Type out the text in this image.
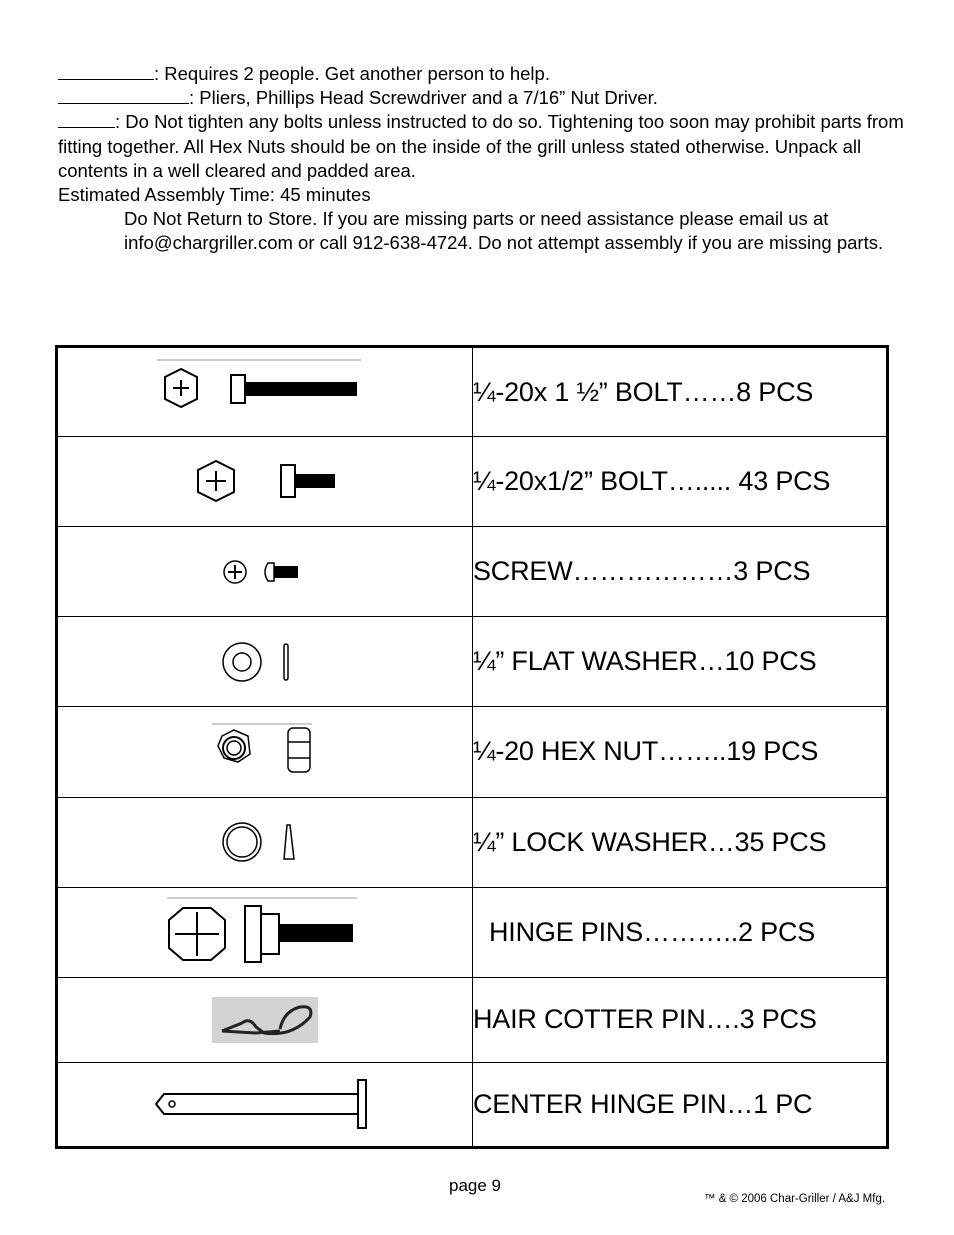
: Requires 2 people. Get another person to help.

: Pliers, Phillips Head Screwdriver and a 7/16” Nut Driver.

: Do Not tighten any bolts unless instructed to do so. Tightening too soon may prohibit parts from fitting together. All Hex Nuts should be on the inside of the grill unless stated otherwise. Unpack all contents in a well cleared and padded area.

Estimated Assembly Time: 45 minutes

Do Not Return to Store. If you are missing parts or need assistance please email us at info@chargriller.com or call 912-638-4724. Do not attempt assembly if you are missing parts.

¼-20x 1 ½” BOLT……8 PCS

¼-20x1/2” BOLT…..... 43 PCS

SCREW………………3 PCS

¼” FLAT WASHER…10 PCS

¼-20 HEX NUT……..19 PCS

¼” LOCK WASHER…35 PCS

HINGE PINS………..2 PCS

HAIR COTTER PIN….3 PCS

CENTER HINGE PIN…1 PC
page 9
™ & © 2006 Char-Griller / A&J Mfg.
